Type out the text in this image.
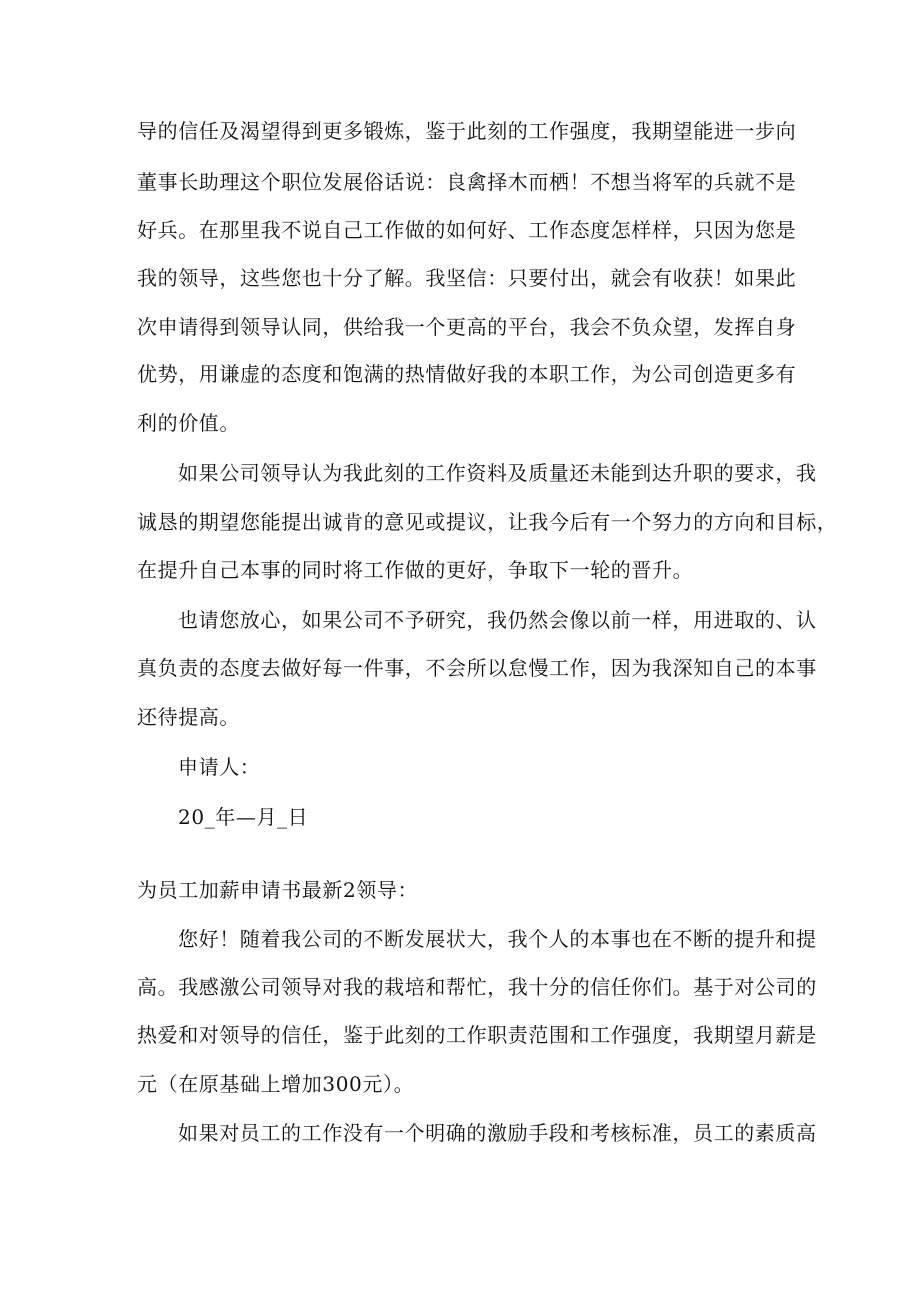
导的信任及渴望得到更多锻炼，鉴于此刻的工作强度，我期望能进一步向
董事长助理这个职位发展俗话说：良禽择木而栖！不想当将军的兵就不是
好兵。在那里我不说自己工作做的如何好、工作态度怎样样，只因为您是
我的领导，这些您也十分了解。我坚信：只要付出，就会有收获！如果此
次申请得到领导认同，供给我一个更高的平台，我会不负众望，发挥自身
优势，用谦虚的态度和饱满的热情做好我的本职工作，为公司创造更多有
利的价值。
如果公司领导认为我此刻的工作资料及质量还未能到达升职的要求，我
诚恳的期望您能提出诚肯的意见或提议，让我今后有一个努力的方向和目标，
在提升自己本事的同时将工作做的更好，争取下一轮的晋升。
也请您放心，如果公司不予研究，我仍然会像以前一样，用进取的、认
真负责的态度去做好每一件事，不会所以怠慢工作，因为我深知自己的本事
还待提高。
申请人：
20_年—月_日
为员工加薪申请书最新2领导：
您好！随着我公司的不断发展状大，我个人的本事也在不断的提升和提
高。我感激公司领导对我的栽培和帮忙，我十分的信任你们。基于对公司的
热爱和对领导的信任，鉴于此刻的工作职责范围和工作强度，我期望月薪是
元（在原基础上增加300元）。
如果对员工的工作没有一个明确的激励手段和考核标准，员工的素质高
